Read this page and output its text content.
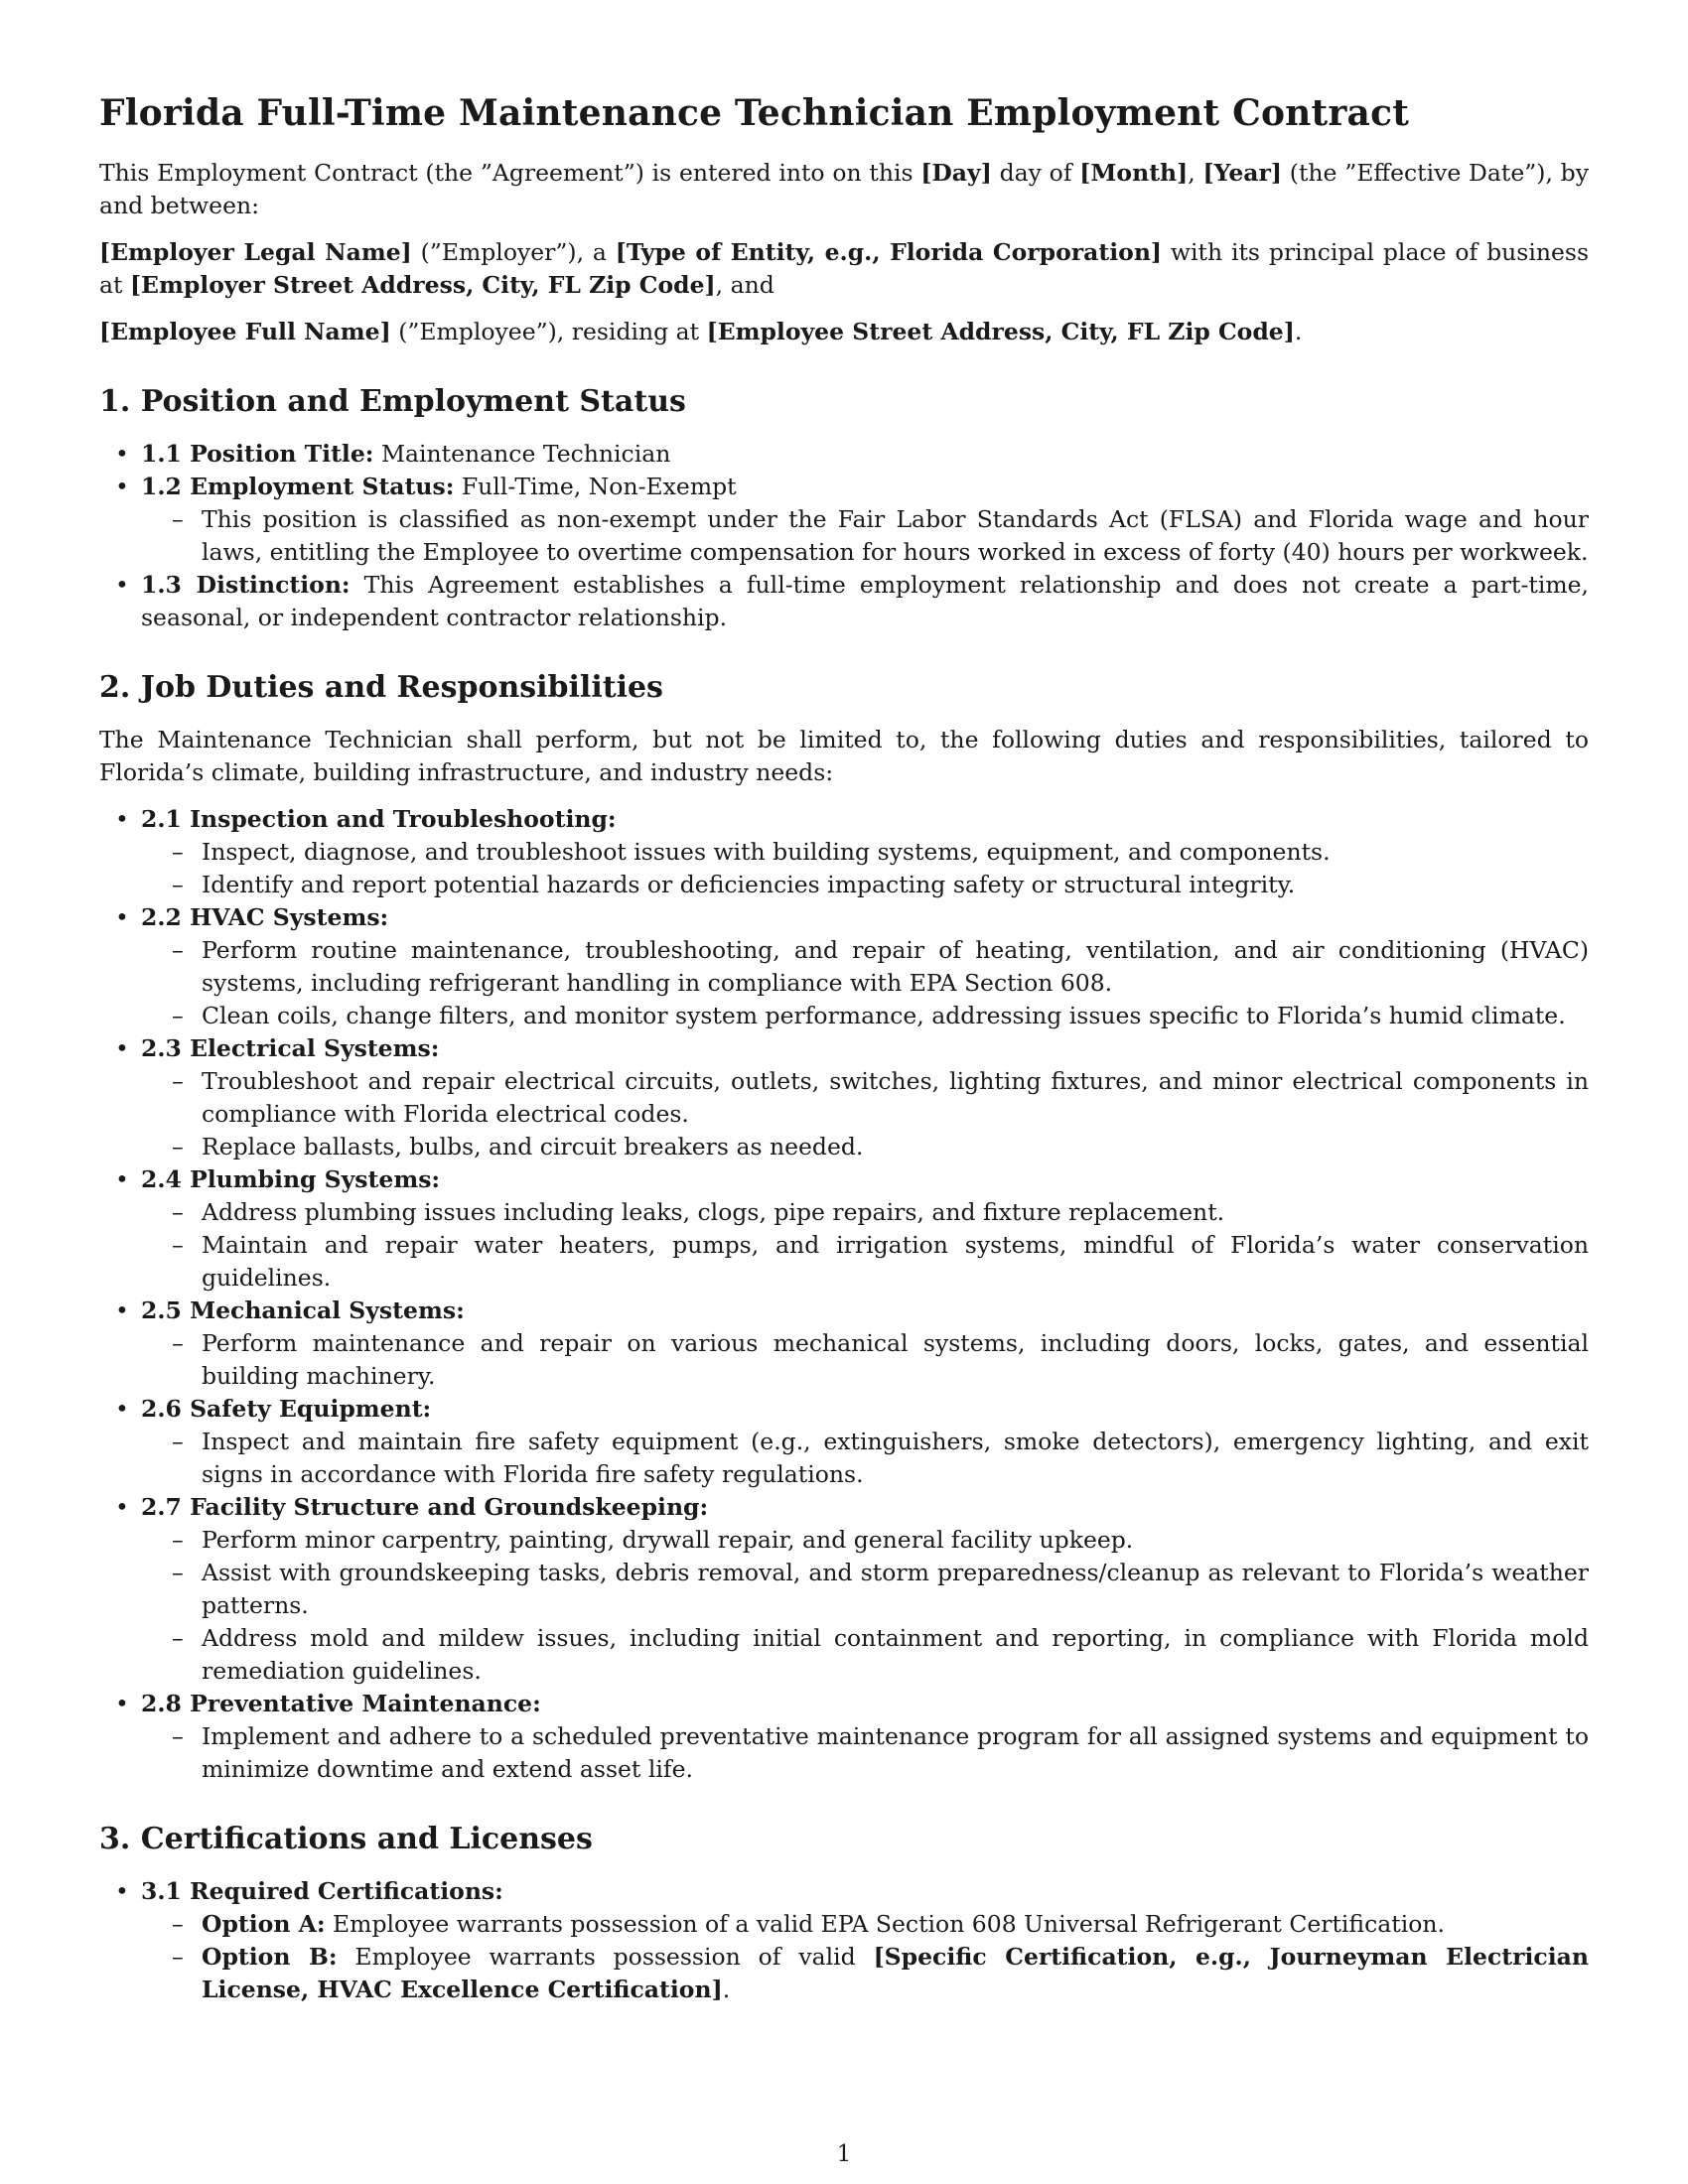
Florida Full-Time Maintenance Technician Employment Contract

This Employment Contract (the ”Agreement”) is entered into on this [Day] day of [Month], [Year] (the ”Effective Date”), by and between:

[Employer Legal Name] (”Employer”), a [Type of Entity, e.g., Florida Corporation] with its principal place of business at [Employer Street Address, City, FL Zip Code], and

[Employee Full Name] (”Employee”), residing at [Employee Street Address, City, FL Zip Code].

1. Position and Employment Status
• 1.1 Position Title: Maintenance Technician
• 1.2 Employment Status: Full-Time, Non-Exempt
– This position is classified as non-exempt under the Fair Labor Standards Act (FLSA) and Florida wage and hour laws, entitling the Employee to overtime compensation for hours worked in excess of forty (40) hours per workweek.
• 1.3 Distinction: This Agreement establishes a full-time employment relationship and does not create a part-time, seasonal, or independent contractor relationship.
2. Job Duties and Responsibilities

The Maintenance Technician shall perform, but not be limited to, the following duties and responsibilities, tailored to Florida’s climate, building infrastructure, and industry needs:

• 2.1 Inspection and Troubleshooting:
– Inspect, diagnose, and troubleshoot issues with building systems, equipment, and components.
– Identify and report potential hazards or deficiencies impacting safety or structural integrity.
• 2.2 HVAC Systems:
– Perform routine maintenance, troubleshooting, and repair of heating, ventilation, and air conditioning (HVAC) systems, including refrigerant handling in compliance with EPA Section 608.
– Clean coils, change filters, and monitor system performance, addressing issues specific to Florida’s humid climate.
• 2.3 Electrical Systems:
– Troubleshoot and repair electrical circuits, outlets, switches, lighting fixtures, and minor electrical components in compliance with Florida electrical codes.
– Replace ballasts, bulbs, and circuit breakers as needed.
• 2.4 Plumbing Systems:
– Address plumbing issues including leaks, clogs, pipe repairs, and fixture replacement.
– Maintain and repair water heaters, pumps, and irrigation systems, mindful of Florida’s water conservation guidelines.
• 2.5 Mechanical Systems:
– Perform maintenance and repair on various mechanical systems, including doors, locks, gates, and essential building machinery.
• 2.6 Safety Equipment:
– Inspect and maintain fire safety equipment (e.g., extinguishers, smoke detectors), emergency lighting, and exit signs in accordance with Florida fire safety regulations.
• 2.7 Facility Structure and Groundskeeping:
– Perform minor carpentry, painting, drywall repair, and general facility upkeep.
– Assist with groundskeeping tasks, debris removal, and storm preparedness/cleanup as relevant to Florida’s weather patterns.
– Address mold and mildew issues, including initial containment and reporting, in compliance with Florida mold remediation guidelines.
• 2.8 Preventative Maintenance:
– Implement and adhere to a scheduled preventative maintenance program for all assigned systems and equipment to minimize downtime and extend asset life.
3. Certifications and Licenses
• 3.1 Required Certifications:
– Option A: Employee warrants possession of a valid EPA Section 608 Universal Refrigerant Certification.
– Option B: Employee warrants possession of valid [Specific Certification, e.g., Journeyman Electrician License, HVAC Excellence Certification].
1
